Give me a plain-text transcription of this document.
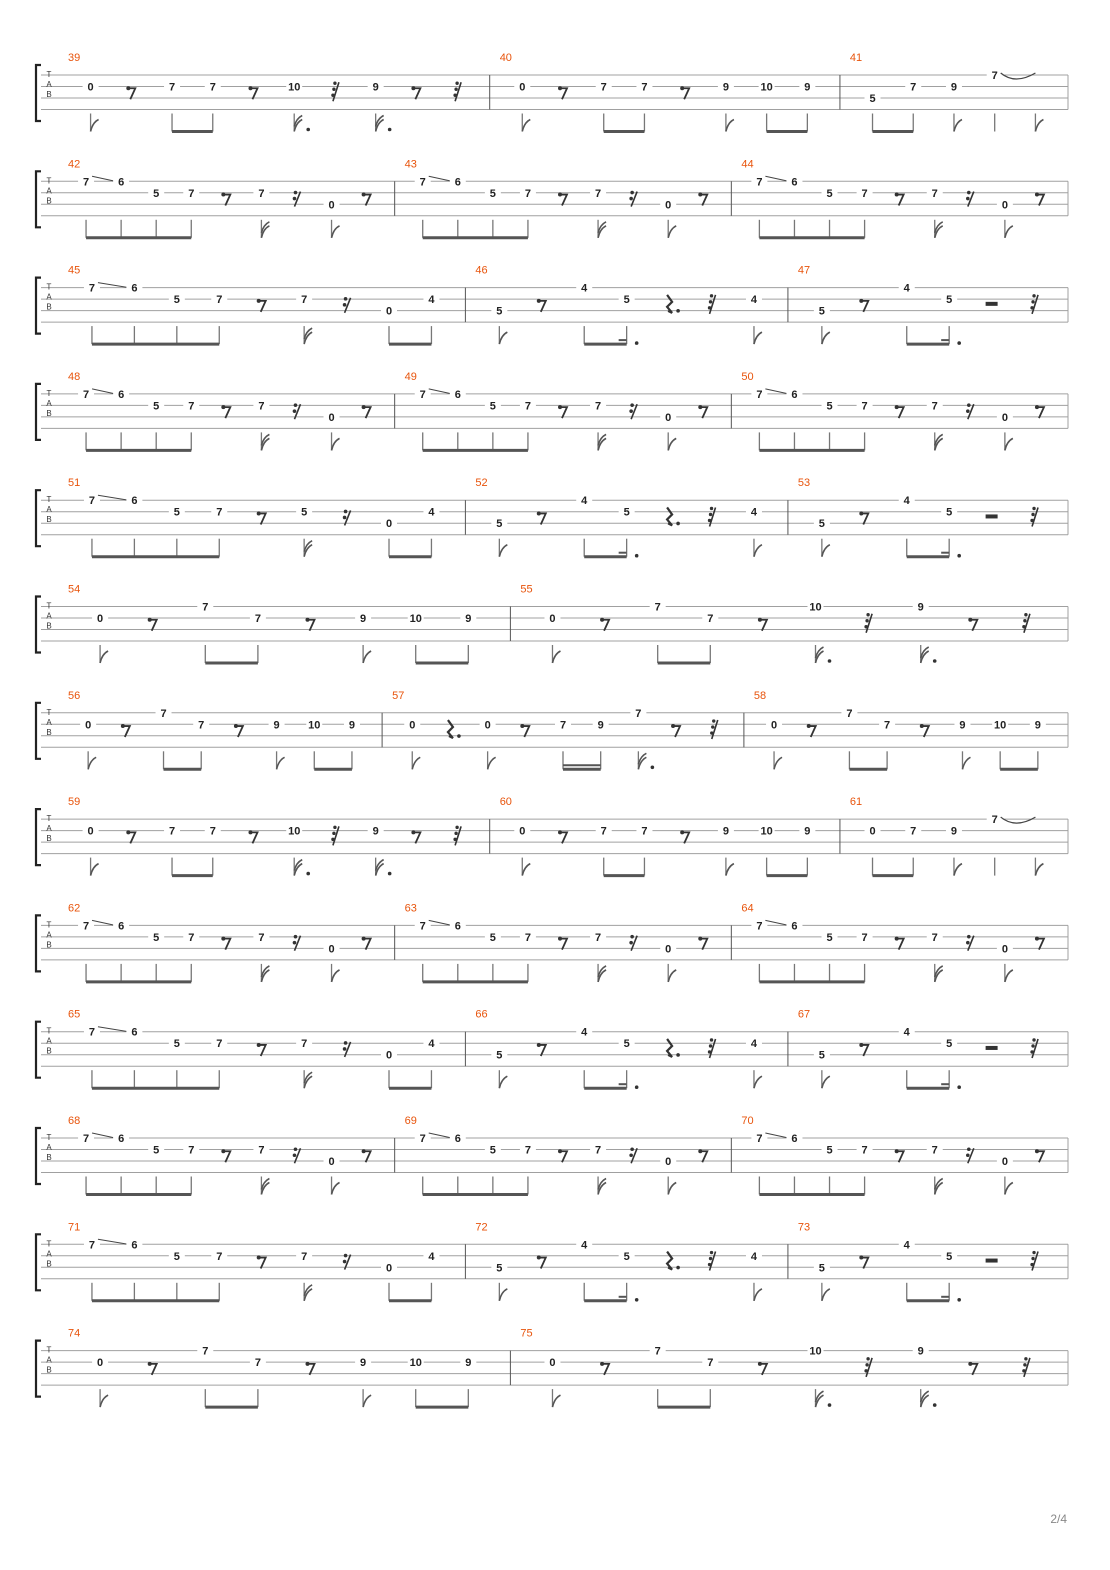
T
A
B
39
0	7	7	10	9
40
0	7	7	9	10	9
41
5
7	9
7
T
A
B
42
7	6
5	7	7
0
43
7	6
5	7	7
0
44
7	6
5	7	7
0
T
A
B
45
7	6
5	7	7
0
4
46
5
4
5	4
47
5
4
5
T
A
B
48
7	6
5	7	7
0
49
7	6
5	7	7
0
50
7	6
5	7	7
0
T
A
B
51
7	6
5	7	5
0
4
52
5
4
5	4
53
5
4
5
T
A
B
54
0
7
7	9	10	9
55
0
7
7
10	9
T
A
B
56
0
7
7	9	10	9
57
0	0	7	9
7
58
0
7
7	9	10	9
T
A
B
59
0	7	7	10	9
60
0	7	7	9	10	9
61
0	7	9
7
T
A
B
62
7	6
5	7	7
0
63
7	6
5	7	7
0
64
7	6
5	7	7
0
T
A
B
65
7	6
5	7	7
0
4
66
5
4
5	4
67
5
4
5
T
A
B
68
7	6
5	7	7
0
69
7	6
5	7	7
0
70
7	6
5	7	7
0
T
A
B
71
7	6
5	7	7
0
4
72
5
4
5	4
73
5
4
5
T
A
B
74
0
7
7	9	10	9
75
0
7
7
10	9
2/4
